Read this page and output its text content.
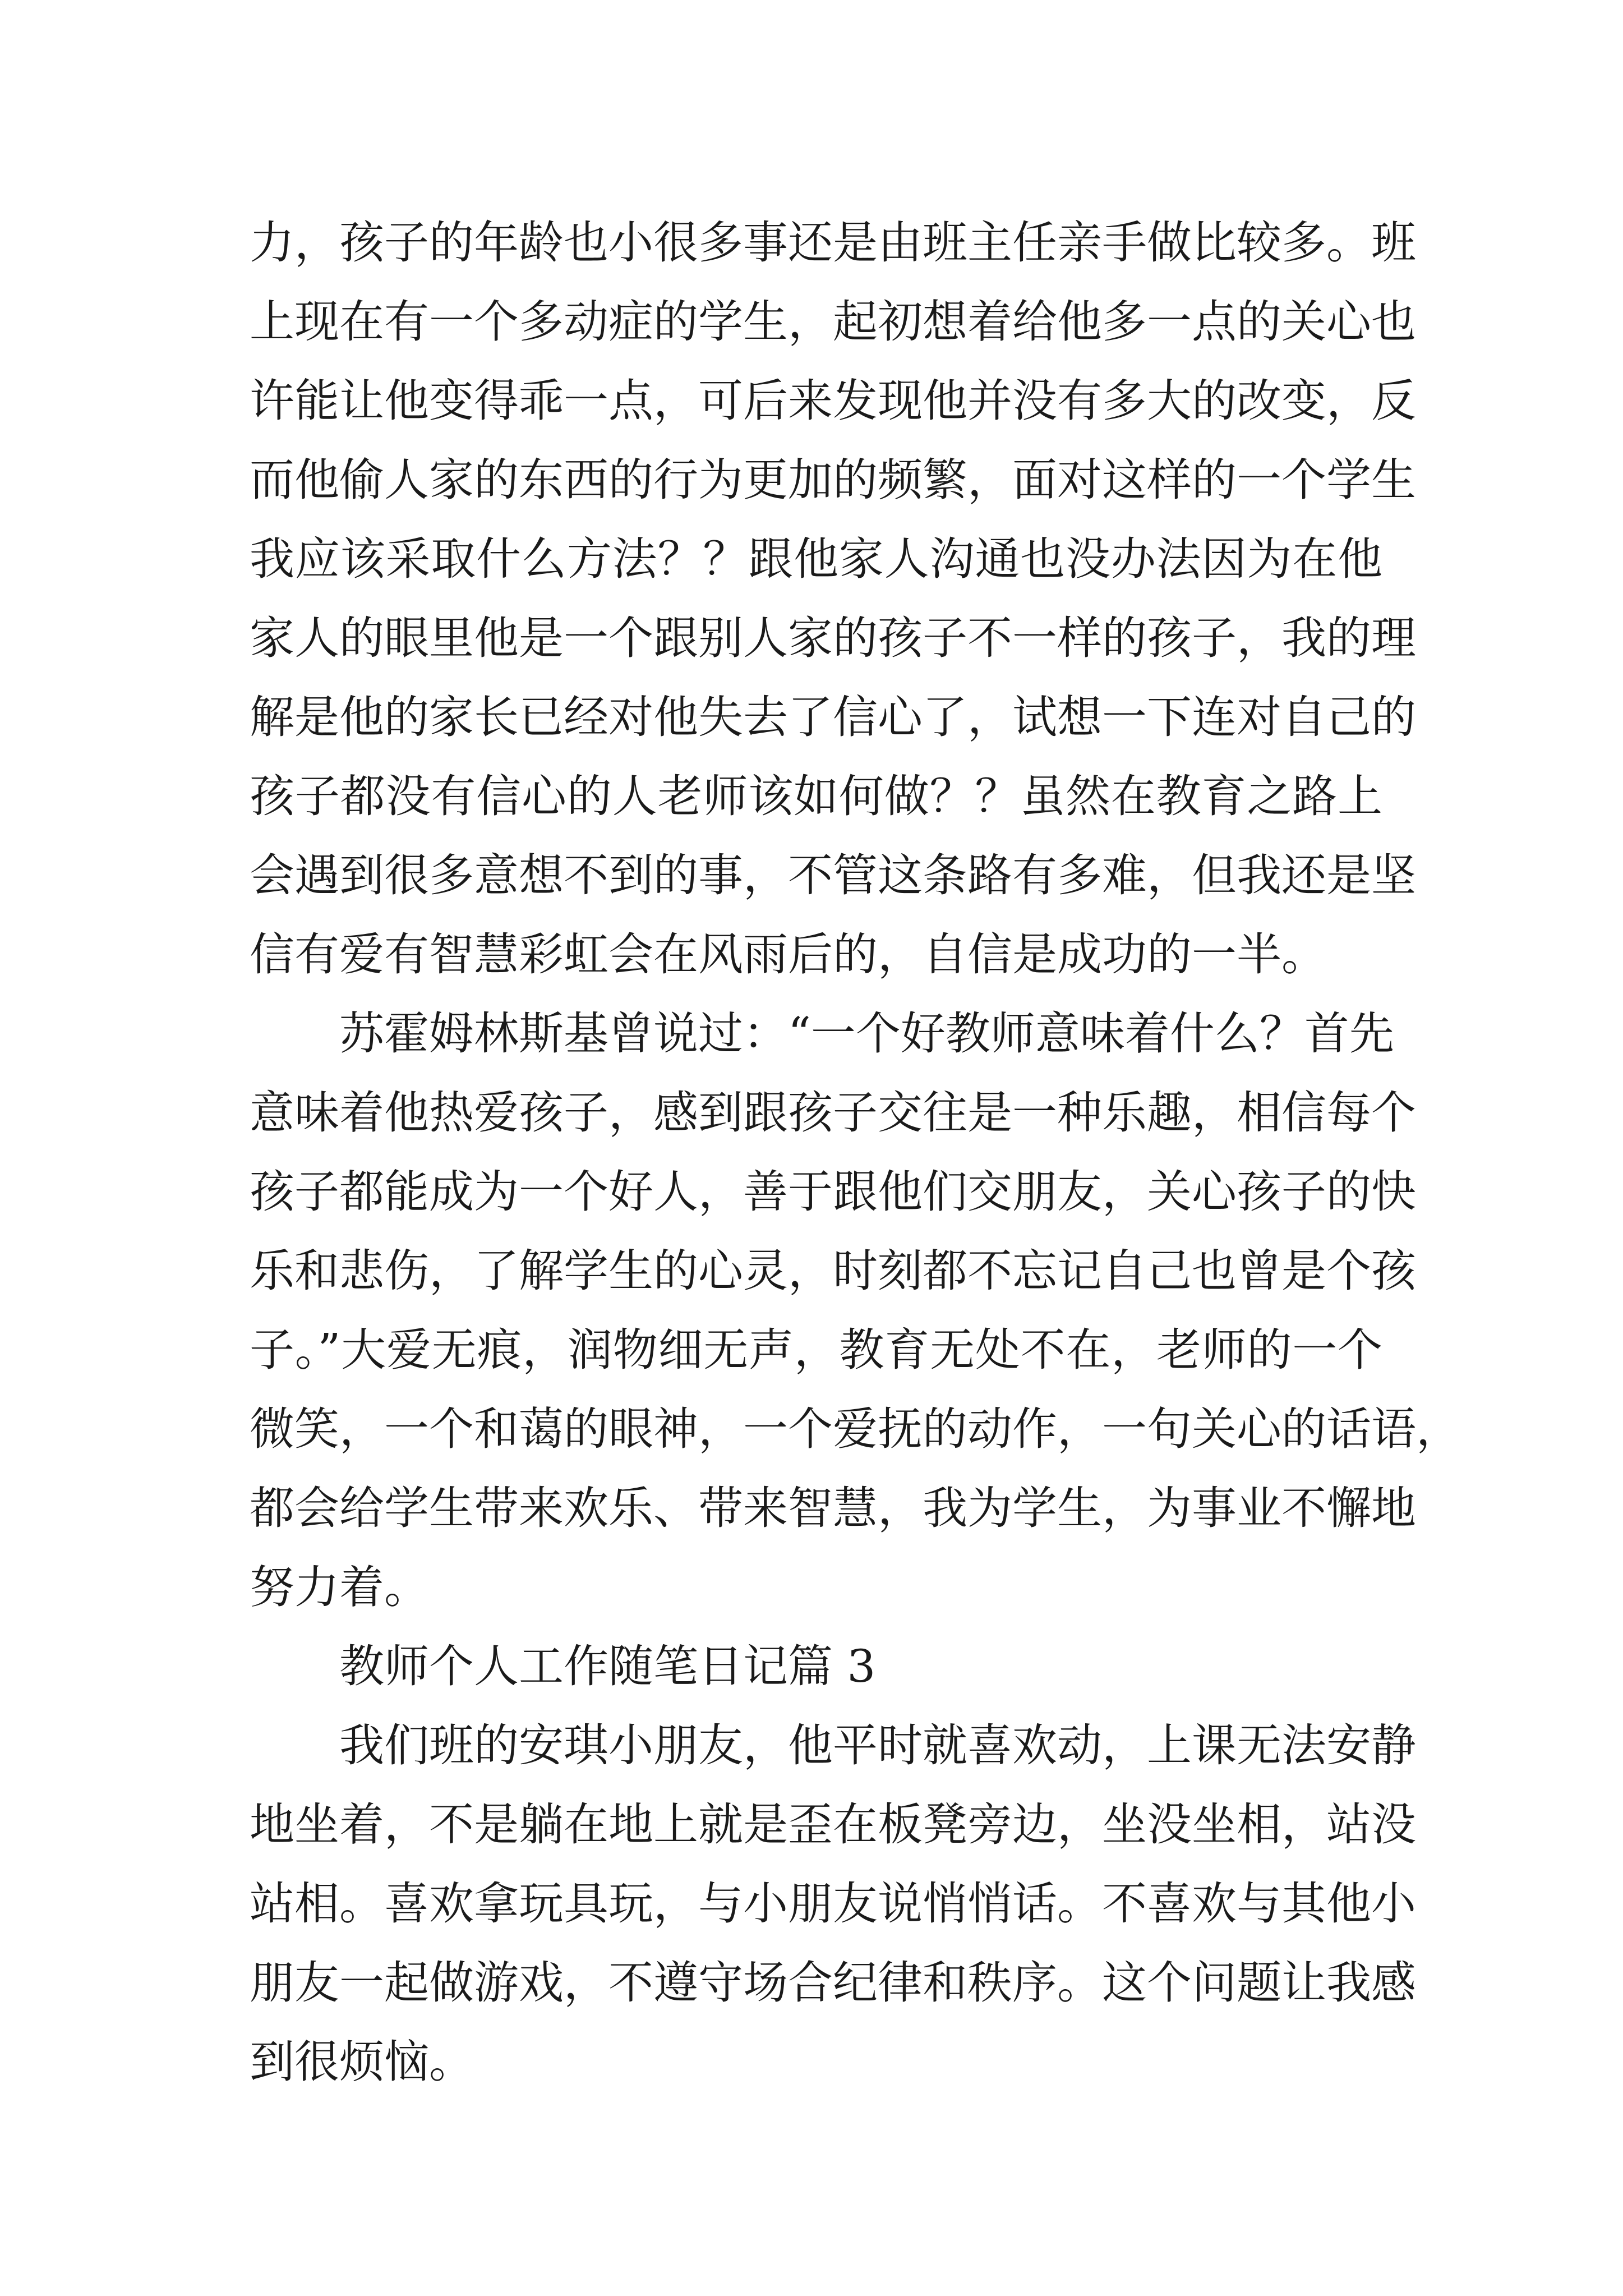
力，孩子的年龄也小很多事还是由班主任亲手做比较多。班
上现在有一个多动症的学生，起初想着给他多一点的关心也
许能让他变得乖一点，可后来发现他并没有多大的改变，反
而他偷人家的东西的行为更加的频繁，面对这样的一个学生
我应该采取什么方法？？跟他家人沟通也没办法因为在他
家人的眼里他是一个跟别人家的孩子不一样的孩子，我的理
解是他的家长已经对他失去了信心了，试想一下连对自己的
孩子都没有信心的人老师该如何做？？虽然在教育之路上
会遇到很多意想不到的事，不管这条路有多难，但我还是坚
信有爱有智慧彩虹会在风雨后的，自信是成功的一半。
苏霍姆林斯基曾说过：“一个好教师意味着什么？首先
意味着他热爱孩子，感到跟孩子交往是一种乐趣，相信每个
孩子都能成为一个好人，善于跟他们交朋友，关心孩子的快
乐和悲伤，了解学生的心灵，时刻都不忘记自己也曾是个孩
子。”大爱无痕，润物细无声，教育无处不在，老师的一个
微笑，一个和蔼的眼神，一个爱抚的动作，一句关心的话语，
都会给学生带来欢乐、带来智慧，我为学生，为事业不懈地
努力着。
教师个人工作随笔日记篇 3
我们班的安琪小朋友，他平时就喜欢动，上课无法安静
地坐着，不是躺在地上就是歪在板凳旁边，坐没坐相，站没
站相。喜欢拿玩具玩，与小朋友说悄悄话。不喜欢与其他小
朋友一起做游戏，不遵守场合纪律和秩序。这个问题让我感
到很烦恼。
